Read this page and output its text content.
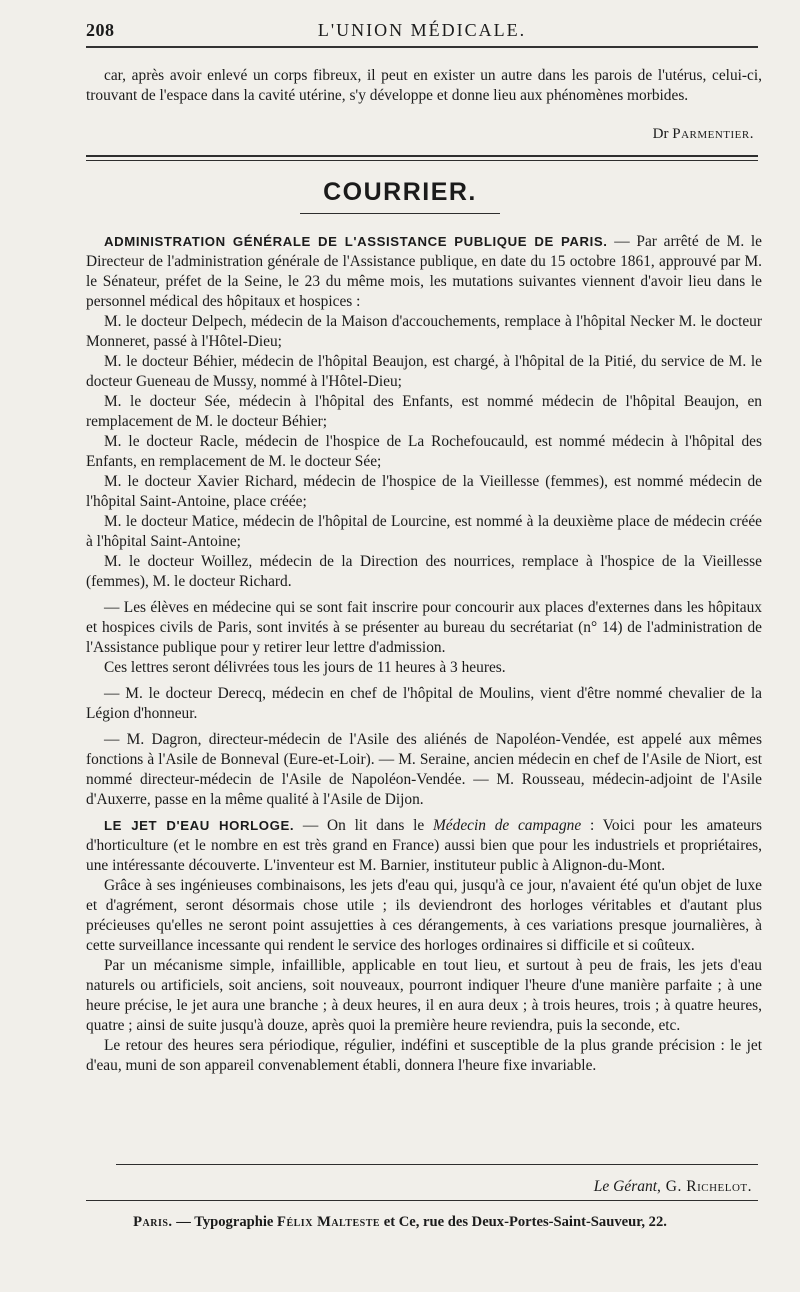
208	L'UNION MÉDICALE.

car, après avoir enlevé un corps fibreux, il peut en exister un autre dans les parois de l'utérus, celui-ci, trouvant de l'espace dans la cavité utérine, s'y développe et donne lieu aux phénomènes morbides.

Dr Parmentier.
COURRIER.

ADMINISTRATION GÉNÉRALE DE L'ASSISTANCE PUBLIQUE DE PARIS. — Par arrêté de M. le Directeur de l'administration générale de l'Assistance publique, en date du 15 octobre 1861, approuvé par M. le Sénateur, préfet de la Seine, le 23 du même mois, les mutations suivantes viennent d'avoir lieu dans le personnel médical des hôpitaux et hospices :

M. le docteur Delpech, médecin de la Maison d'accouchements, remplace à l'hôpital Necker M. le docteur Monneret, passé à l'Hôtel-Dieu;

M. le docteur Béhier, médecin de l'hôpital Beaujon, est chargé, à l'hôpital de la Pitié, du service de M. le docteur Gueneau de Mussy, nommé à l'Hôtel-Dieu;

M. le docteur Sée, médecin à l'hôpital des Enfants, est nommé médecin de l'hôpital Beaujon, en remplacement de M. le docteur Béhier;

M. le docteur Racle, médecin de l'hospice de La Rochefoucauld, est nommé médecin à l'hôpital des Enfants, en remplacement de M. le docteur Sée;

M. le docteur Xavier Richard, médecin de l'hospice de la Vieillesse (femmes), est nommé médecin de l'hôpital Saint-Antoine, place créée;

M. le docteur Matice, médecin de l'hôpital de Lourcine, est nommé à la deuxième place de médecin créée à l'hôpital Saint-Antoine;

M. le docteur Woillez, médecin de la Direction des nourrices, remplace à l'hospice de la Vieillesse (femmes), M. le docteur Richard.

— Les élèves en médecine qui se sont fait inscrire pour concourir aux places d'externes dans les hôpitaux et hospices civils de Paris, sont invités à se présenter au bureau du secrétariat (n° 14) de l'administration de l'Assistance publique pour y retirer leur lettre d'admission.

Ces lettres seront délivrées tous les jours de 11 heures à 3 heures.

— M. le docteur Derecq, médecin en chef de l'hôpital de Moulins, vient d'être nommé chevalier de la Légion d'honneur.

— M. Dagron, directeur-médecin de l'Asile des aliénés de Napoléon-Vendée, est appelé aux mêmes fonctions à l'Asile de Bonneval (Eure-et-Loir). — M. Seraine, ancien médecin en chef de l'Asile de Niort, est nommé directeur-médecin de l'Asile de Napoléon-Vendée. — M. Rousseau, médecin-adjoint de l'Asile d'Auxerre, passe en la même qualité à l'Asile de Dijon.

LE JET D'EAU HORLOGE. — On lit dans le Médecin de campagne : Voici pour les amateurs d'horticulture (et le nombre en est très grand en France) aussi bien que pour les industriels et propriétaires, une intéressante découverte. L'inventeur est M. Barnier, instituteur public à Alignon-du-Mont.

Grâce à ses ingénieuses combinaisons, les jets d'eau qui, jusqu'à ce jour, n'avaient été qu'un objet de luxe et d'agrément, seront désormais chose utile ; ils deviendront des horloges véritables et d'autant plus précieuses qu'elles ne seront point assujetties à ces dérangements, à ces variations presque journalières, à cette surveillance incessante qui rendent le service des horloges ordinaires si difficile et si coûteux.

Par un mécanisme simple, infaillible, applicable en tout lieu, et surtout à peu de frais, les jets d'eau naturels ou artificiels, soit anciens, soit nouveaux, pourront indiquer l'heure d'une manière parfaite ; à une heure précise, le jet aura une branche ; à deux heures, il en aura deux ; à trois heures, trois ; à quatre heures, quatre ; ainsi de suite jusqu'à douze, après quoi la première heure reviendra, puis la seconde, etc.

Le retour des heures sera périodique, régulier, indéfini et susceptible de la plus grande précision : le jet d'eau, muni de son appareil convenablement établi, donnera l'heure fixe invariable.

Le Gérant, G. Richelot.
Paris. — Typographie Félix Malteste et Ce, rue des Deux-Portes-Saint-Sauveur, 22.
